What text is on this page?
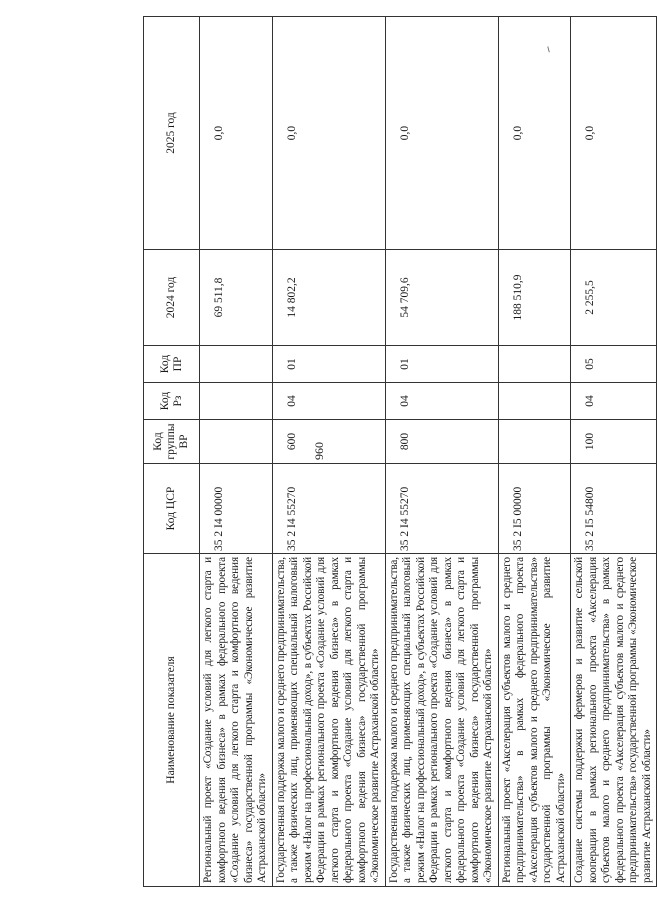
960
Наименование показателя	Код ЦСР	Код группы ВР	Код Рз	Код ПР	2024 год	2025 год

Региональный проект «Создание условий для легкого старта и комфортного ведения бизнеса» в рамках федерального проекта «Создание условий для легкого старта и комфортного ведения бизнеса» государственной программы «Экономическое развитие Астраханской области»	35 2 I4 00000				69 511,8	0,0

Государственная поддержка малого и среднего предпринимательства, а также физических лиц, применяющих специальный налоговый режим «Налог на профессиональный доход», в субъектах Российской Федерации в рамках регионального проекта «Создание условий для легкого старта и комфортного ведения бизнеса» в рамках федерального проекта «Создание условий для легкого старта и комфортного ведения бизнеса» государственной программы «Экономическое развитие Астраханской области»	35 2 I4 55270	600	04	01	14 802,2	0,0

Государственная поддержка малого и среднего предпринимательства, а также физических лиц, применяющих специальный налоговый режим «Налог на профессиональный доход», в субъектах Российской Федерации в рамках регионального проекта «Создание условий для легкого старта и комфортного ведения бизнеса» в рамках федерального проекта «Создание условий для легкого старта и комфортного ведения бизнеса» государственной программы «Экономическое развитие Астраханской области»	35 2 I4 55270	800	04	01	54 709,6	0,0

Региональный проект «Акселерация субъектов малого и среднего предпринимательства» в рамках федерального проекта «Акселерация субъектов малого и среднего предпринимательства» государственной программы «Экономическое развитие Астраханской области»	35 2 I5 00000				188 510,9	0,0

Создание системы поддержки фермеров и развитие сельской кооперации в рамках регионального проекта «Акселерация субъектов малого и среднего предпринимательства» в рамках федерального проекта «Акселерация субъектов малого и среднего предпринимательства» государственной программы «Экономическое развитие Астраханской области»	35 2 I5 54800	100	04	05	2 255,5	0,0
